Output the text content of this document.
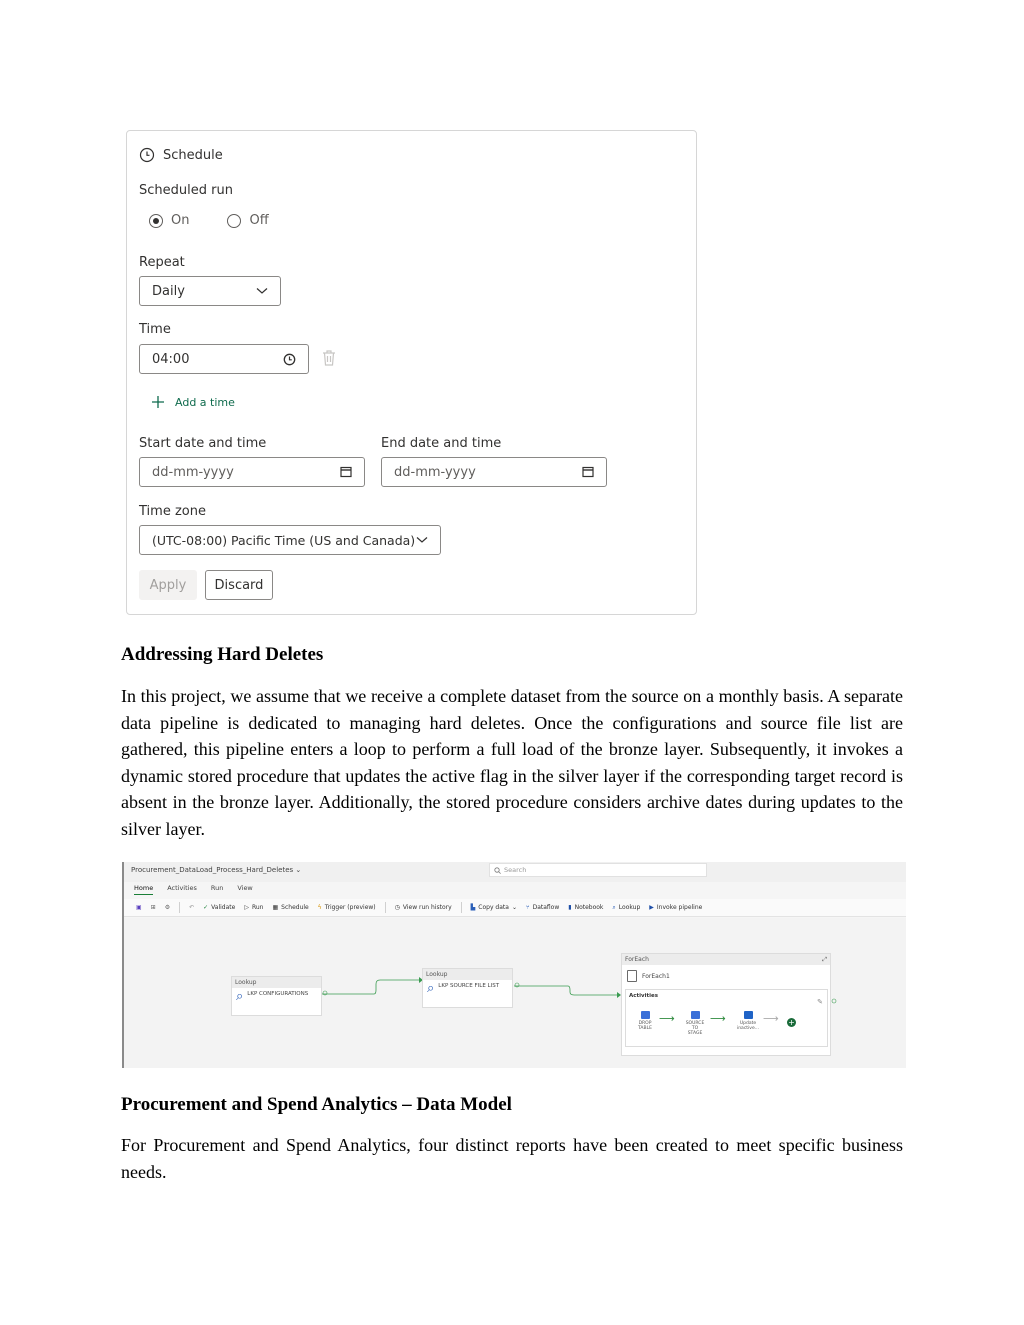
Schedule
Scheduled run
On	Off
Repeat
Daily
Time
04:00
Add a time
Start date and time
dd-mm-yyyy
End date and time
dd-mm-yyyy
Time zone
(UTC-08:00) Pacific Time (US and Canada)
Apply	Discard
Addressing Hard Deletes
In this project, we assume that we receive a complete dataset from the source on a monthly basis. A separate data pipeline is dedicated to managing hard deletes. Once the configurations and source file list are gathered, this pipeline enters a loop to perform a full load of the bronze layer. Subsequently, it invokes a dynamic stored procedure that updates the active flag in the silver layer if the corresponding target record is absent in the bronze layer. Additionally, the stored procedure considers archive dates during updates to the silver layer.
Procurement_DataLoad_Process_Hard_Deletes ⌄	Search
Home Activities Run View
▣ ⊞ ⚙	↶ ✓ Validate ▷ Run ▦ Schedule ϟ Trigger (preview)	◷ View run history	▙ Copy data ⌄ ⑂ Dataflow ▮ Notebook ⌕ Lookup ▶ Invoke pipeline
Lookup
⌕ LKP CONFIGURATIONS
Lookup
⌕ LKP SOURCE FILE LIST
ForEach	⤢
ForEach1
Activities
✎
DROP TABLE
⟶	SOURCE TO STAGE
⟶	Update inactive...
⟶ +
Procurement and Spend Analytics – Data Model
For Procurement and Spend Analytics, four distinct reports have been created to meet specific business needs.
